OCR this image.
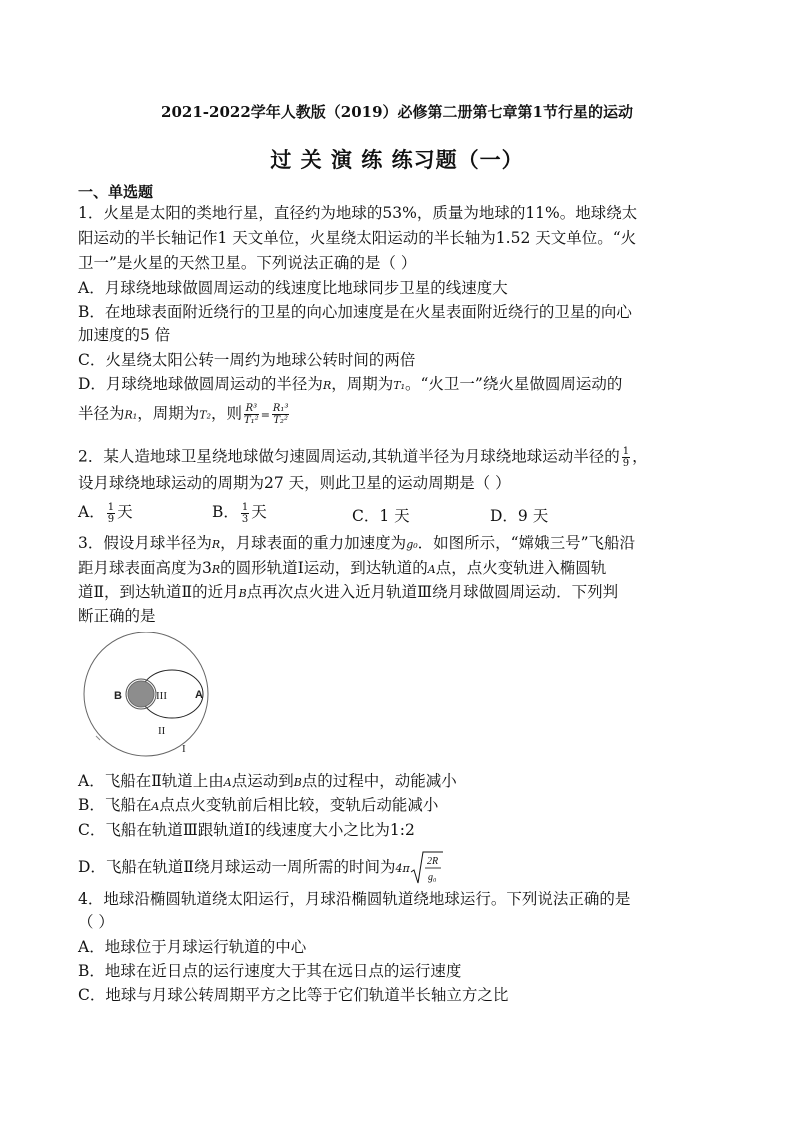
2021-2022学年人教版（2019）必修第二册第七章第1节行星的运动
过 关 演 练 练习题（一）
一、单选题
1．火星是太阳的类地行星，直径约为地球的53%，质量为地球的11%。地球绕太
阳运动的半长轴记作1 天文单位，火星绕太阳运动的半长轴为1.52 天文单位。“火
卫一”是火星的天然卫星。下列说法正确的是（ ）
A．月球绕地球做圆周运动的线速度比地球同步卫星的线速度大
B．在地球表面附近绕行的卫星的向心加速度是在火星表面附近绕行的卫星的向心
加速度的5 倍
C．火星绕太阳公转一周约为地球公转时间的两倍
D．月球绕地球做圆周运动的半径为R，周期为T₁。“火卫一”绕火星做圆周运动的
半径为R₁，周期为T₂，则 $\frac{\text{R³}}{\text{T₁²}} = \frac{\text{R₁³}}{\text{T₂²}}$
2．某人造地球卫星绕地球做匀速圆周运动,其轨道半径为月球绕地球运动半径的 $\frac{1}{9}$ ，
设月球绕地球运动的周期为27 天，则此卫星的运动周期是（ ）
A． $\frac{1}{9}$ 天	B． $\frac{1}{3}$ 天	C．1 天	D．9 天
3．假设月球半径为R，月球表面的重力加速度为g₀．如图所示，“嫦娥三号”飞船沿
距月球表面高度为3R的圆形轨道Ⅰ运动，到达轨道的A点，点火变轨进入椭圆轨
道Ⅱ，到达轨道Ⅱ的近月B点再次点火进入近月轨道Ⅲ绕月球做圆周运动．下列判
断正确的是
B	III	A
II
I
A．飞船在Ⅱ轨道上由A点运动到B点的过程中，动能减小
B．飞船在A点点火变轨前后相比较，变轨后动能减小
C．飞船在轨道Ⅲ跟轨道Ⅰ的线速度大小之比为1:2
D．飞船在轨道Ⅱ绕月球运动一周所需的时间为4π
2R
g₀
4．地球沿椭圆轨道绕太阳运行，月球沿椭圆轨道绕地球运行。下列说法正确的是
（ ）
A．地球位于月球运行轨道的中心
B．地球在近日点的运行速度大于其在远日点的运行速度
C．地球与月球公转周期平方之比等于它们轨道半长轴立方之比
